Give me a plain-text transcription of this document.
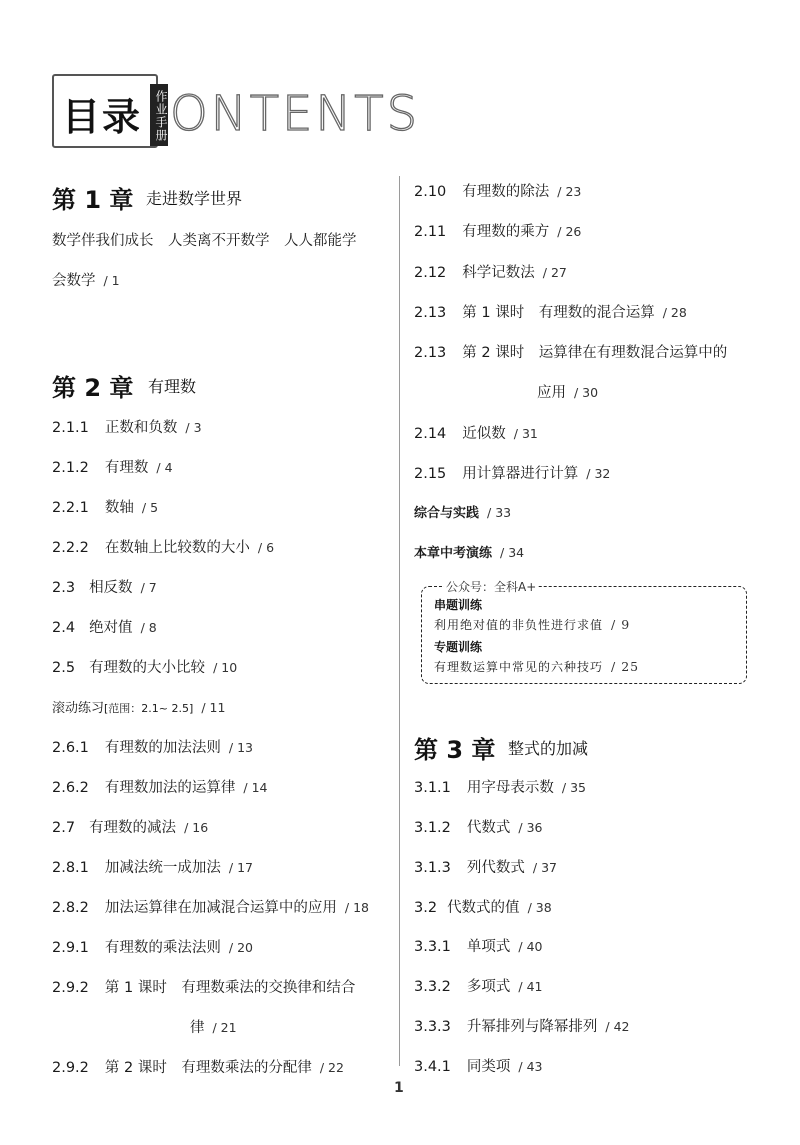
目录 作业手册 ONTENTS
第 1 章 走进数学世界
数学伴我们成长　人类离不开数学　人人都能学
会数学 / 1
第 2 章 有理数
2.1.1 正数和负数 / 3
2.1.2 有理数 / 4
2.2.1 数轴 / 5
2.2.2 在数轴上比较数的大小 / 6
2.3 相反数 / 7
2.4 绝对值 / 8
2.5 有理数的大小比较 / 10
滚动练习[范围：2.1~ 2.5] / 11
2.6.1 有理数的加法法则 / 13
2.6.2 有理数加法的运算律 / 14
2.7 有理数的减法 / 16
2.8.1 加减法统一成加法 / 17
2.8.2 加法运算律在加减混合运算中的应用 / 18
2.9.1 有理数的乘法法则 / 20
2.9.2 第 1 课时　有理数乘法的交换律和结合
律 / 21
2.9.2 第 2 课时　有理数乘法的分配律 / 22
2.10 有理数的除法 / 23
2.11 有理数的乘方 / 26
2.12 科学记数法 / 27
2.13 第 1 课时　有理数的混合运算 / 28
2.13 第 2 课时　运算律在有理数混合运算中的
应用 / 30
2.14 近似数 / 31
2.15 用计算器进行计算 / 32
综合与实践 / 33
本章中考演练 / 34
公众号：全科A+
串题训练
利用绝对值的非负性进行求值 / 9
专题训练
有理数运算中常见的六种技巧 / 25
第 3 章 整式的加减
3.1.1 用字母表示数 / 35
3.1.2 代数式 / 36
3.1.3 列代数式 / 37
3.2 代数式的值 / 38
3.3.1 单项式 / 40
3.3.2 多项式 / 41
3.3.3 升幂排列与降幂排列 / 42
3.4.1 同类项 / 43
1
